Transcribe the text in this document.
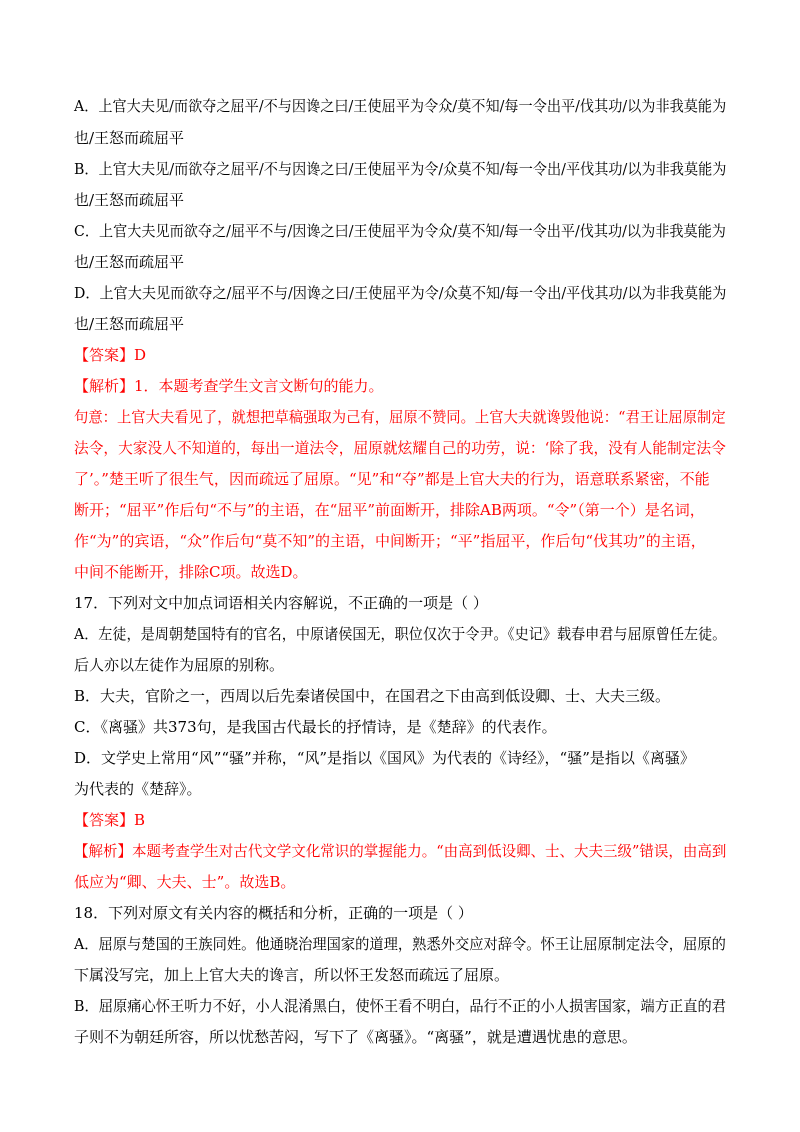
A．上官大夫见/而欲夺之屈平/不与因谗之曰/王使屈平为令众/莫不知/每一令出平/伐其功/以为非我莫能为

也/王怒而疏屈平

B．上官大夫见/而欲夺之屈平/不与因谗之曰/王使屈平为令/众莫不知/每一令出/平伐其功/以为非我莫能为

也/王怒而疏屈平

C．上官大夫见而欲夺之/屈平不与/因谗之曰/王使屈平为令众/莫不知/每一令出平/伐其功/以为非我莫能为

也/王怒而疏屈平

D．上官大夫见而欲夺之/屈平不与/因谗之曰/王使屈平为令/众莫不知/每一令出/平伐其功/以为非我莫能为

也/王怒而疏屈平

【答案】D

【解析】1．本题考查学生文言文断句的能力。

句意：上官大夫看见了，就想把草稿强取为己有，屈原不赞同。上官大夫就谗毁他说：“君王让屈原制定

法令，大家没人不知道的，每出一道法令，屈原就炫耀自己的功劳，说：‘除了我，没有人能制定法令

了’。”楚王听了很生气，因而疏远了屈原。“见”和“夺”都是上官大夫的行为，语意联系紧密，不能

断开；“屈平”作后句“不与”的主语，在“屈平”前面断开，排除AB两项。“令”（第一个）是名词，

作“为”的宾语，“众”作后句“莫不知”的主语，中间断开；“平”指屈平，作后句“伐其功”的主语，

中间不能断开，排除C项。故选D。

17．下列对文中加点词语相关内容解说，不正确的一项是（ ）

A．左徒，是周朝楚国特有的官名，中原诸侯国无，职位仅次于令尹。《史记》载春申君与屈原曾任左徒。

后人亦以左徒作为屈原的别称。

B．大夫，官阶之一，西周以后先秦诸侯国中，在国君之下由高到低设卿、士、大夫三级。

C．《离骚》共373句，是我国古代最长的抒情诗，是《楚辞》的代表作。

D．文学史上常用“风”“骚”并称，“风”是指以《国风》为代表的《诗经》，“骚”是指以《离骚》

为代表的《楚辞》。

【答案】B

【解析】本题考查学生对古代文学文化常识的掌握能力。“由高到低设卿、士、大夫三级”错误，由高到

低应为“卿、大夫、士”。故选B。

18．下列对原文有关内容的概括和分析，正确的一项是（ ）

A．屈原与楚国的王族同姓。他通晓治理国家的道理，熟悉外交应对辞令。怀王让屈原制定法令，屈原的

下属没写完，加上上官大夫的谗言，所以怀王发怒而疏远了屈原。

B．屈原痛心怀王听力不好，小人混淆黑白，使怀王看不明白，品行不正的小人损害国家，端方正直的君

子则不为朝廷所容，所以忧愁苦闷，写下了《离骚》。“离骚”，就是遭遇忧患的意思。
